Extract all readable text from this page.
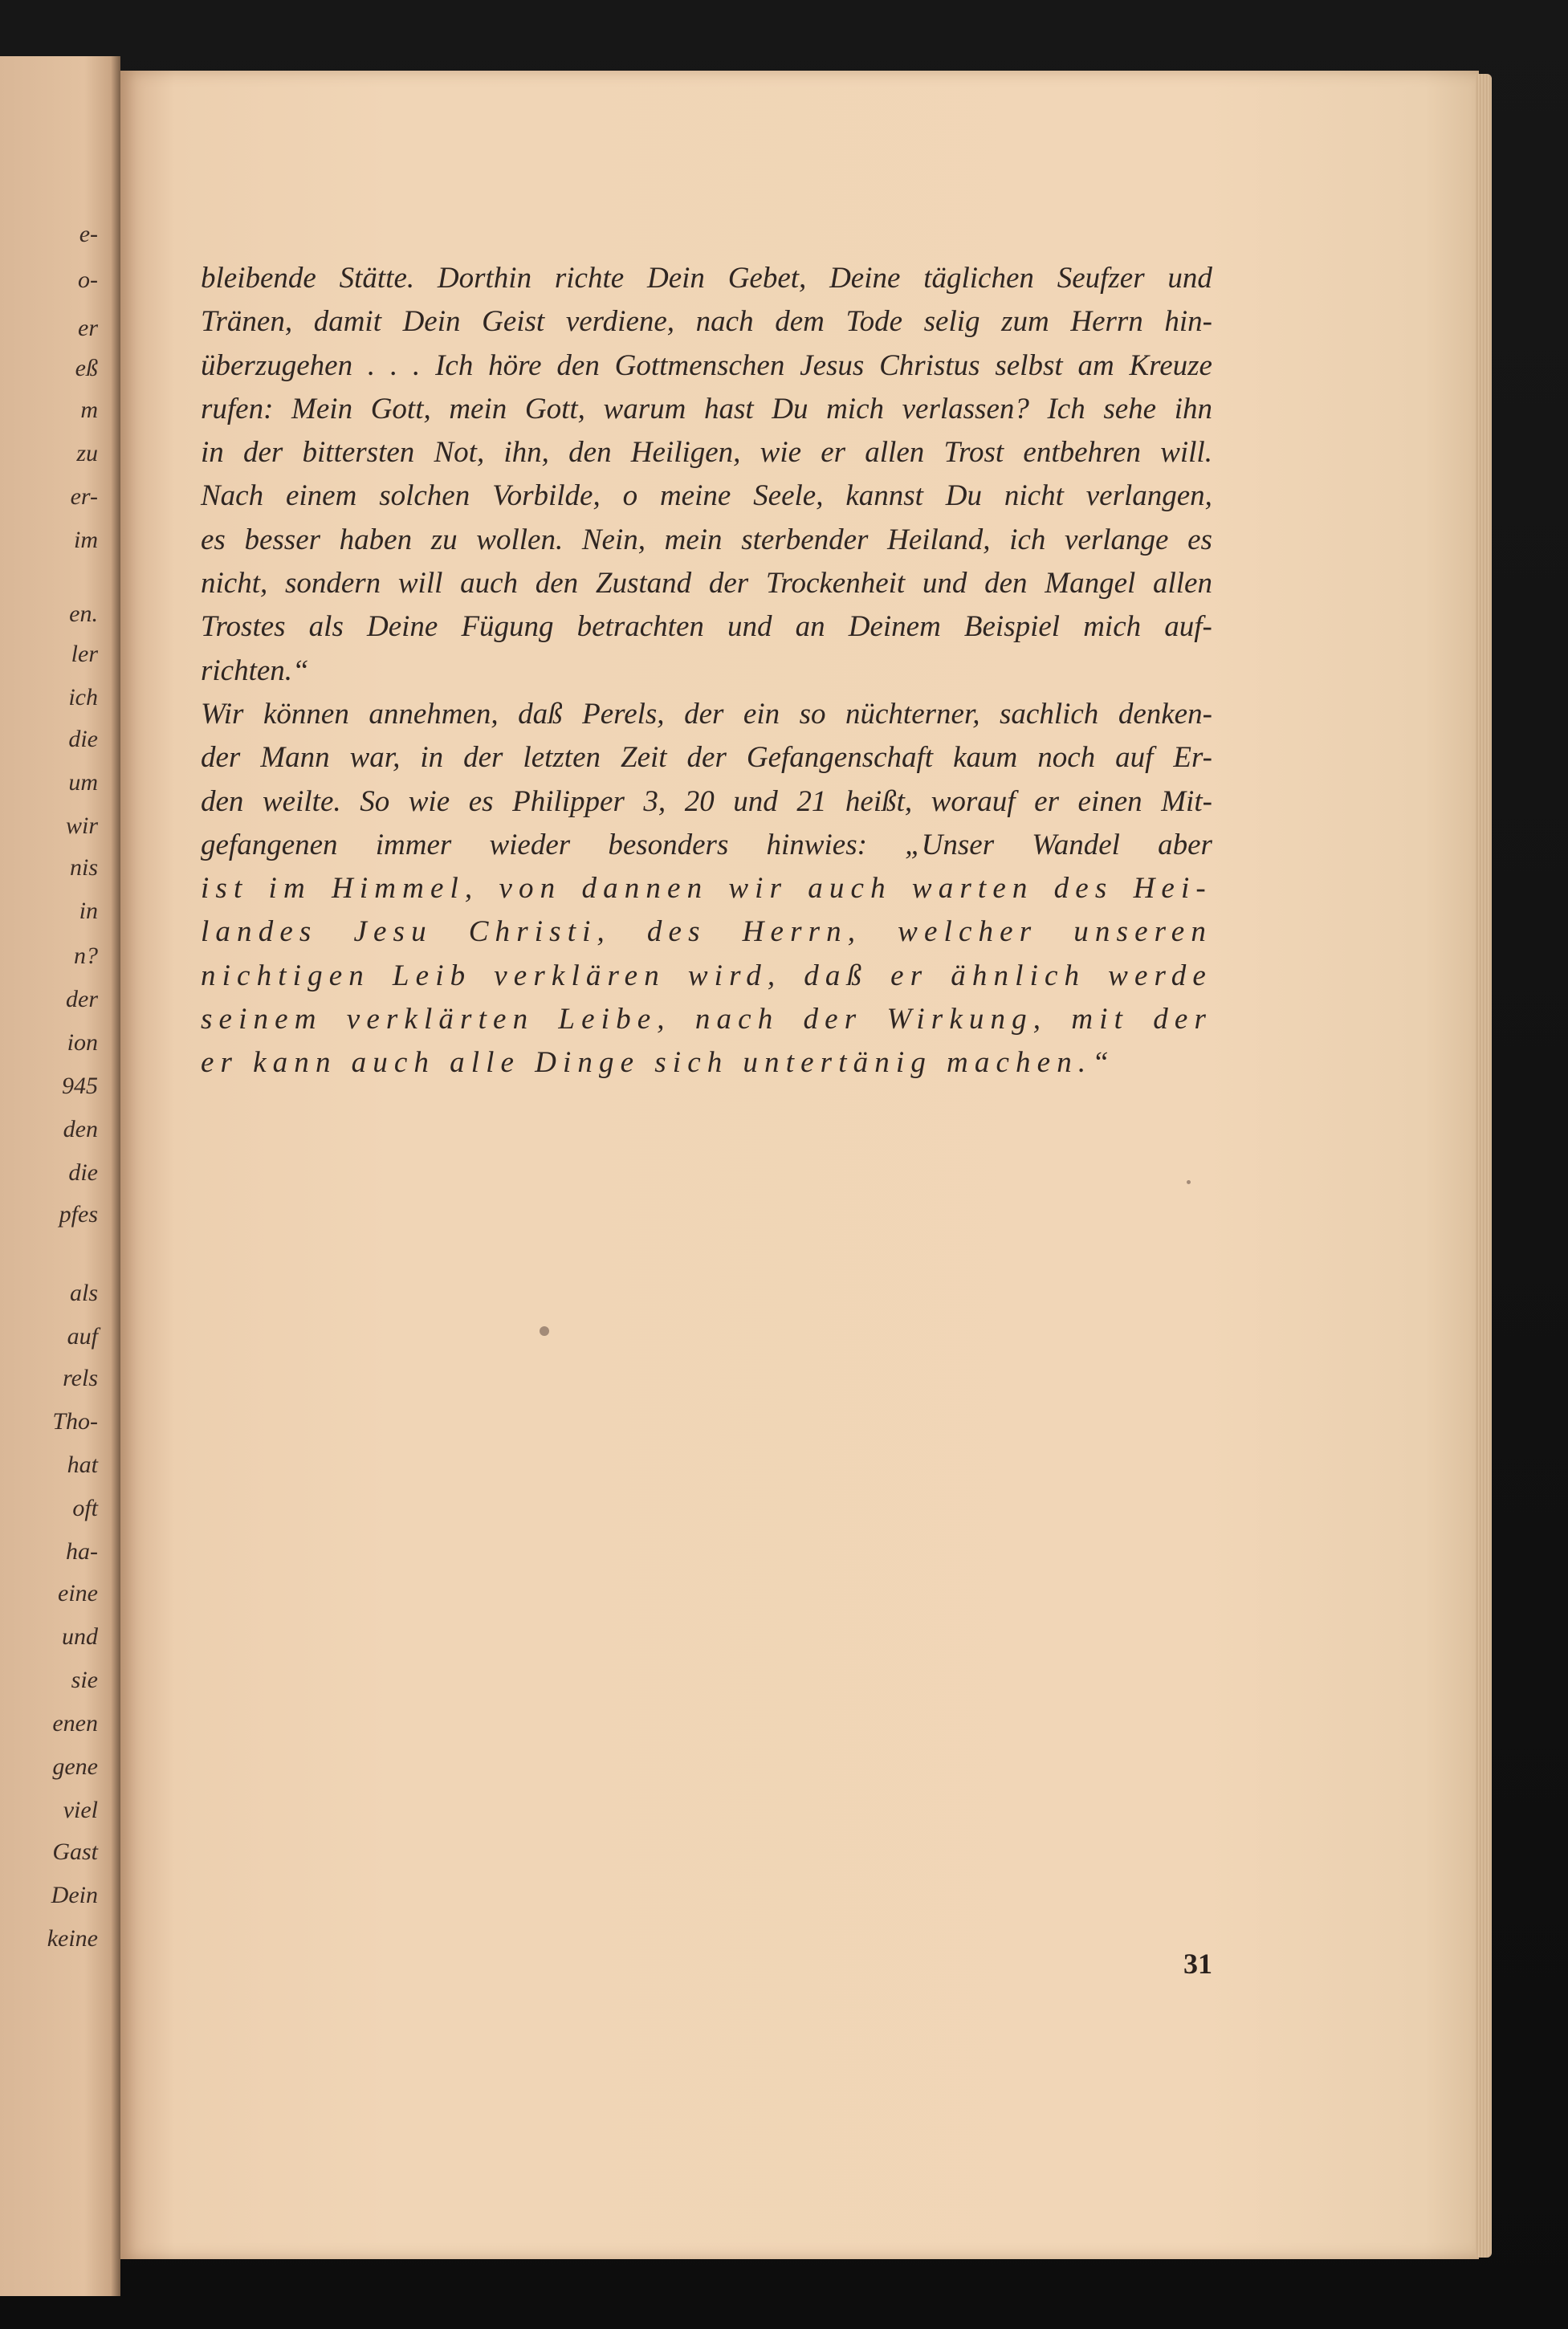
e-
o-
er
eß
m
zu
er-
im
en.
ler
ich
die
um
wir
nis
in
n?
der
ion
945
den
die
pfes
als
auf
rels
Tho-
hat
oft
ha-
eine
und
sie
enen
gene
viel
Gast
Dein
keine
bleibende Stätte. Dorthin richte Dein Gebet, Deine täglichen Seufzer und
Tränen, damit Dein Geist verdiene, nach dem Tode selig zum Herrn hin-
überzugehen . . . Ich höre den Gottmenschen Jesus Christus selbst am Kreuze
rufen: Mein Gott, mein Gott, warum hast Du mich verlassen? Ich sehe ihn
in der bittersten Not, ihn, den Heiligen, wie er allen Trost entbehren will.
Nach einem solchen Vorbilde, o meine Seele, kannst Du nicht verlangen,
es besser haben zu wollen. Nein, mein sterbender Heiland, ich verlange es
nicht, sondern will auch den Zustand der Trockenheit und den Mangel allen
Trostes als Deine Fügung betrachten und an Deinem Beispiel mich auf-
richten.“
Wir können annehmen, daß Perels, der ein so nüchterner, sachlich denken-
der Mann war, in der letzten Zeit der Gefangenschaft kaum noch auf Er-
den weilte. So wie es Philipper 3, 20 und 21 heißt, worauf er einen Mit-
gefangenen immer wieder besonders hinwies: „Unser Wandel aber
ist im Himmel, von dannen wir auch warten des Hei-
landes Jesu Christi, des Herrn, welcher unseren
nichtigen Leib verklären wird, daß er ähnlich werde
seinem verklärten Leibe, nach der Wirkung, mit der
er kann auch alle Dinge sich untertänig machen.“
31
